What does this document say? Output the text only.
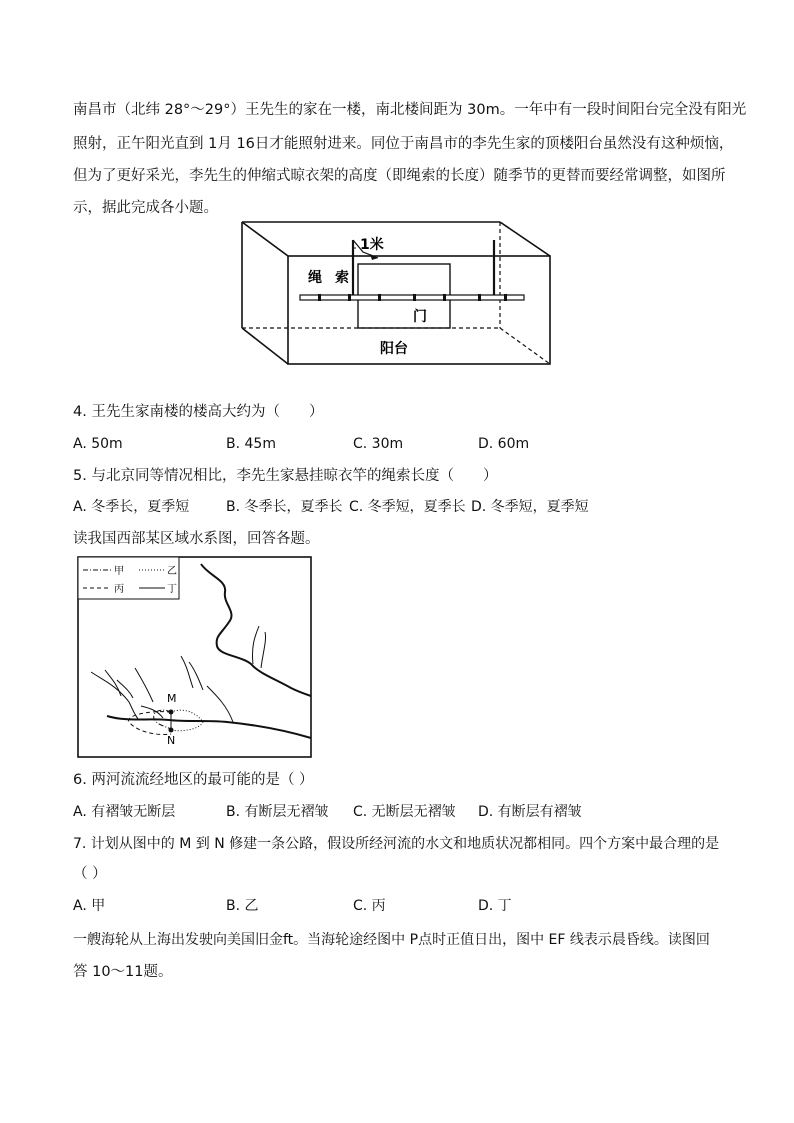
南昌市（北纬 28°～29°）王先生的家在一楼，南北楼间距为 30m。一年中有一段时间阳台完全没有阳光
照射，正午阳光直到 1月 16日才能照射进来。同位于南昌市的李先生家的顶楼阳台虽然没有这种烦恼，
但为了更好采光，李先生的伸缩式晾衣架的高度（即绳索的长度）随季节的更替而要经常调整，如图所
示，据此完成各小题。
绳 索
1米
门
阳台
4. 王先生家南楼的楼高大约为（　　）
A. 50m	B. 45m	C. 30m	D. 60m
5. 与北京同等情况相比，李先生家悬挂晾衣竿的绳索长度（　　）
A. 冬季长，夏季短	B. 冬季长，夏季长 C. 冬季短，夏季长 D. 冬季短，夏季短
读我国西部某区域水系图，回答各题。
甲	乙
丙	丁
M
N
6. 两河流流经地区的最可能的是（ ）
A. 有褶皱无断层	B. 有断层无褶皱 C. 无断层无褶皱 D. 有断层有褶皱
7. 计划从图中的 M 到 N 修建一条公路，假设所经河流的水文和地质状况都相同。四个方案中最合理的是
（ ）
A. 甲	B. 乙	C. 丙	D. 丁
一艘海轮从上海出发驶向美国旧金ft。当海轮途经图中 P点时正值日出，图中 EF 线表示晨昏线。读图回
答 10～11题。
